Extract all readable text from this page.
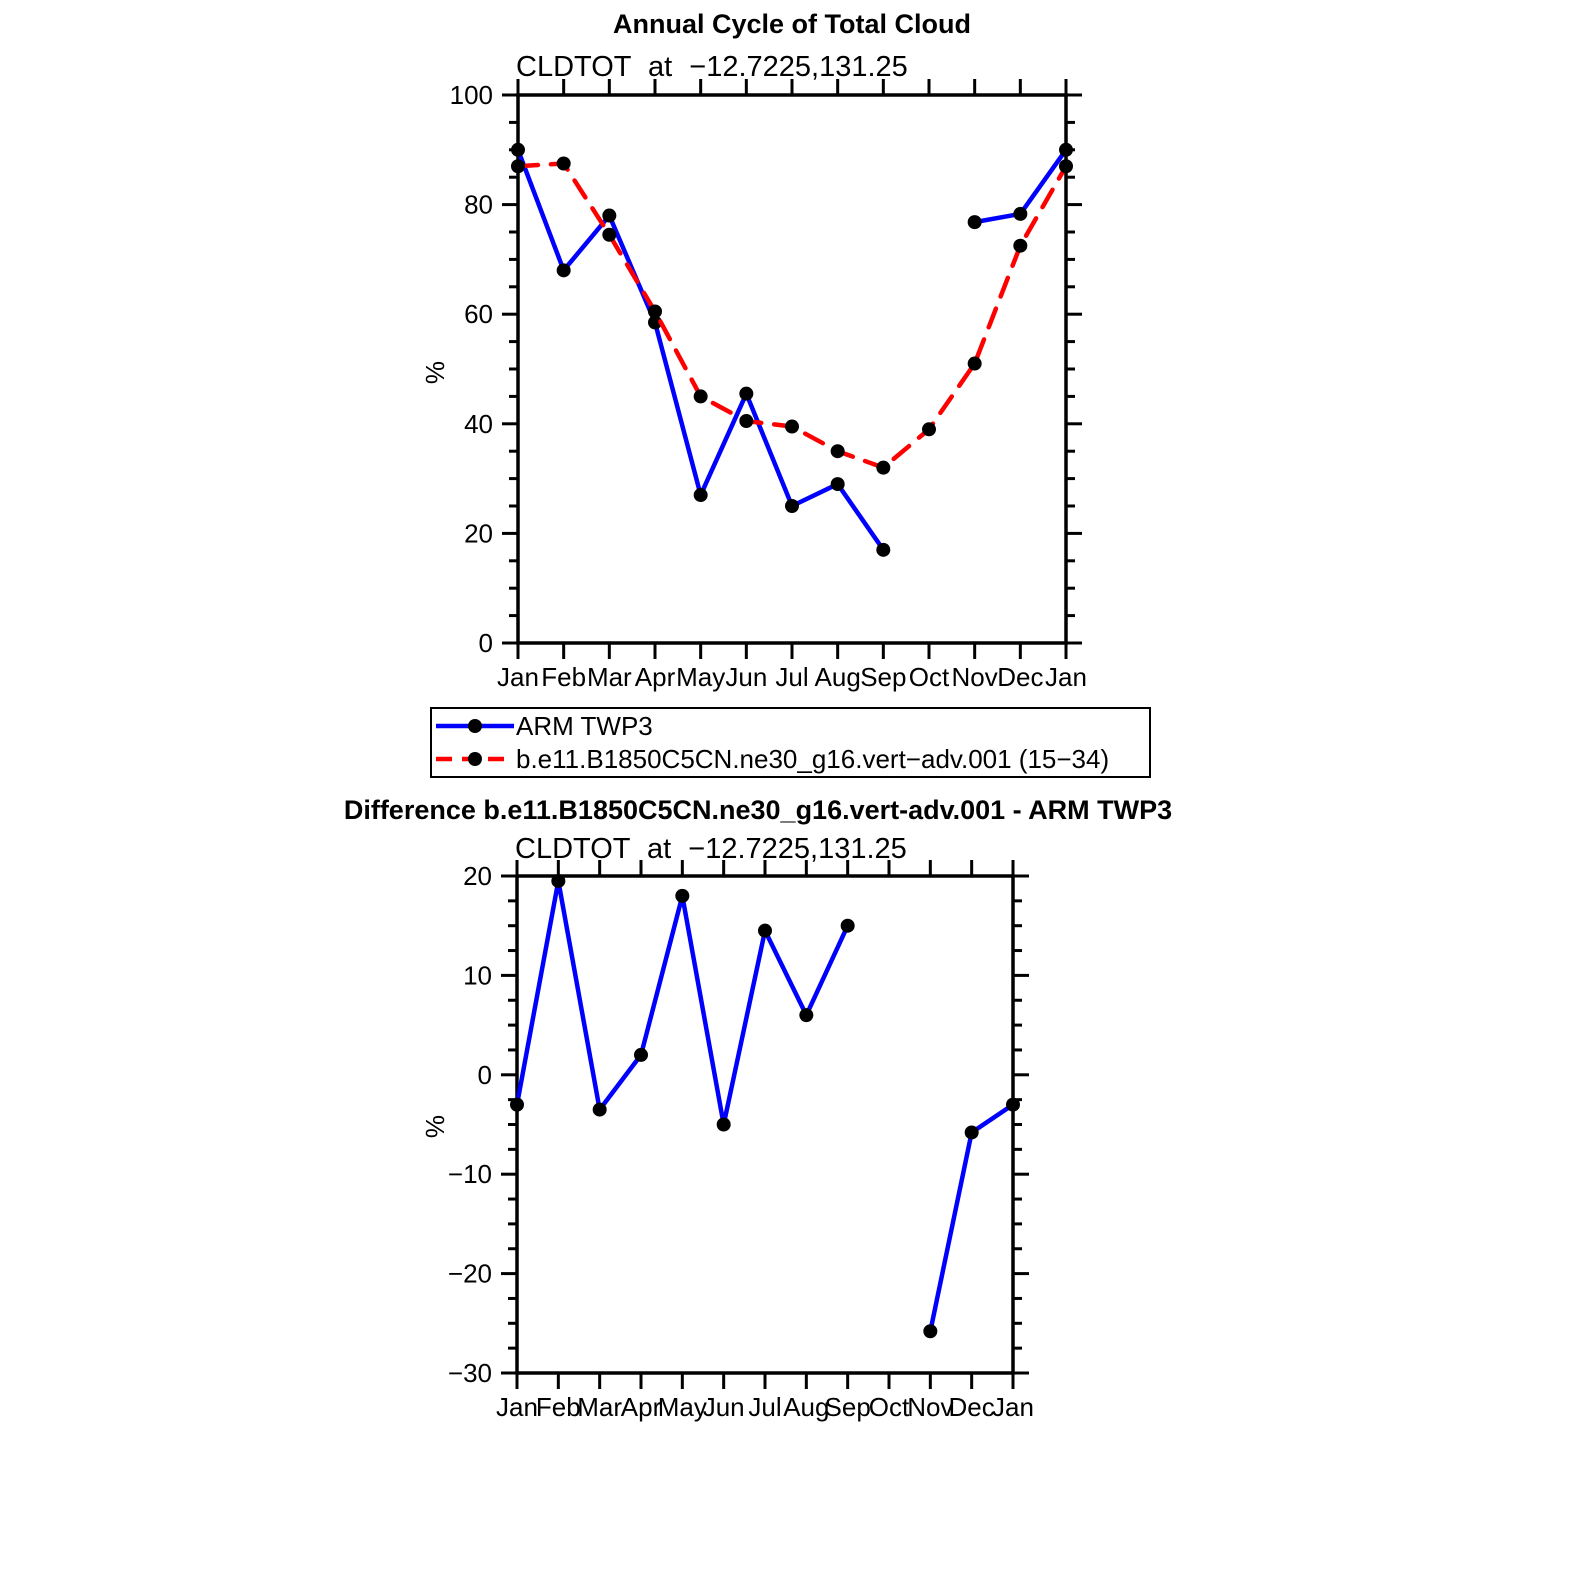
0
20
40
60
80
100
Jan Feb Mar Apr May Jun Jul Aug Sep Oct Nov Dec Jan
−30
−20
−10
0
10
20
Jan
Feb
Mar
Apr
May
Jun Jul Aug
Sep
Oct
Nov
Dec
Jan
Annual Cycle of Total Cloud
CLDTOT at −12.7225,131.25
%
ARM TWP3
b.e11.B1850C5CN.ne30_g16.vert−adv.001 (15−34)
Difference b.e11.B1850C5CN.ne30_g16.vert-adv.001 - ARM TWP3
CLDTOT at −12.7225,131.25
%
